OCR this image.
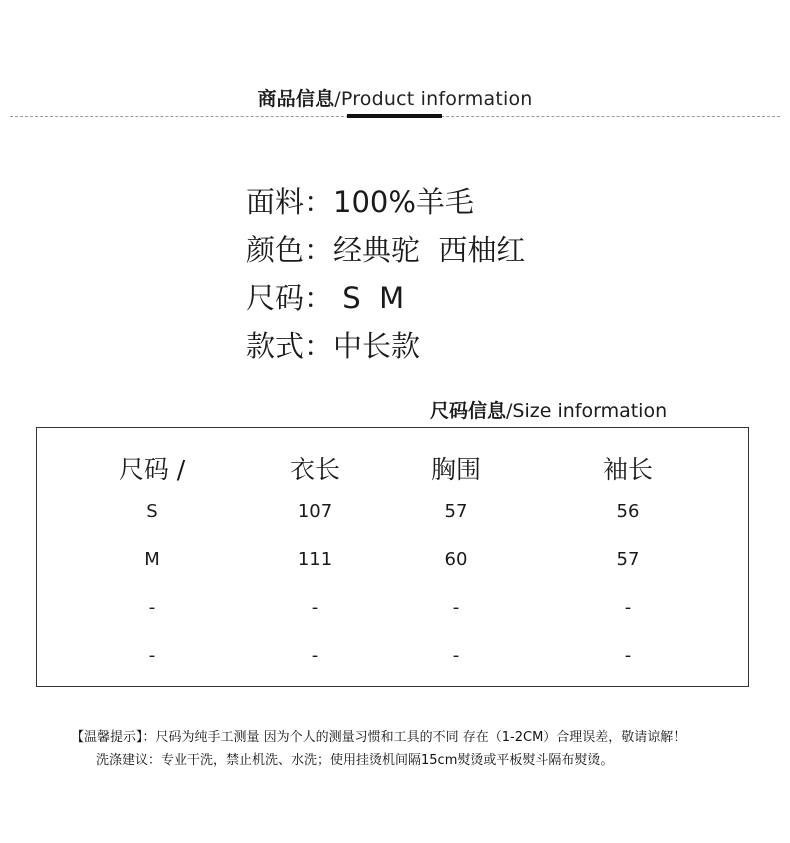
商品信息/Product information
面料：100%羊毛
颜色：经典驼  西柚红
尺码： S  M
款式：中长款
尺码信息/Size information
尺码 /	衣长	胸围	袖长
S	107	57	56
M	111	60	57
-	-	-	-
-	-	-	-
【温馨提示】：尺码为纯手工测量 因为个人的测量习惯和工具的不同 存在（1-2CM）合理误差，敬请谅解！
洗涤建议：专业干洗，禁止机洗、水洗；使用挂烫机间隔15cm熨烫或平板熨斗隔布熨烫。
